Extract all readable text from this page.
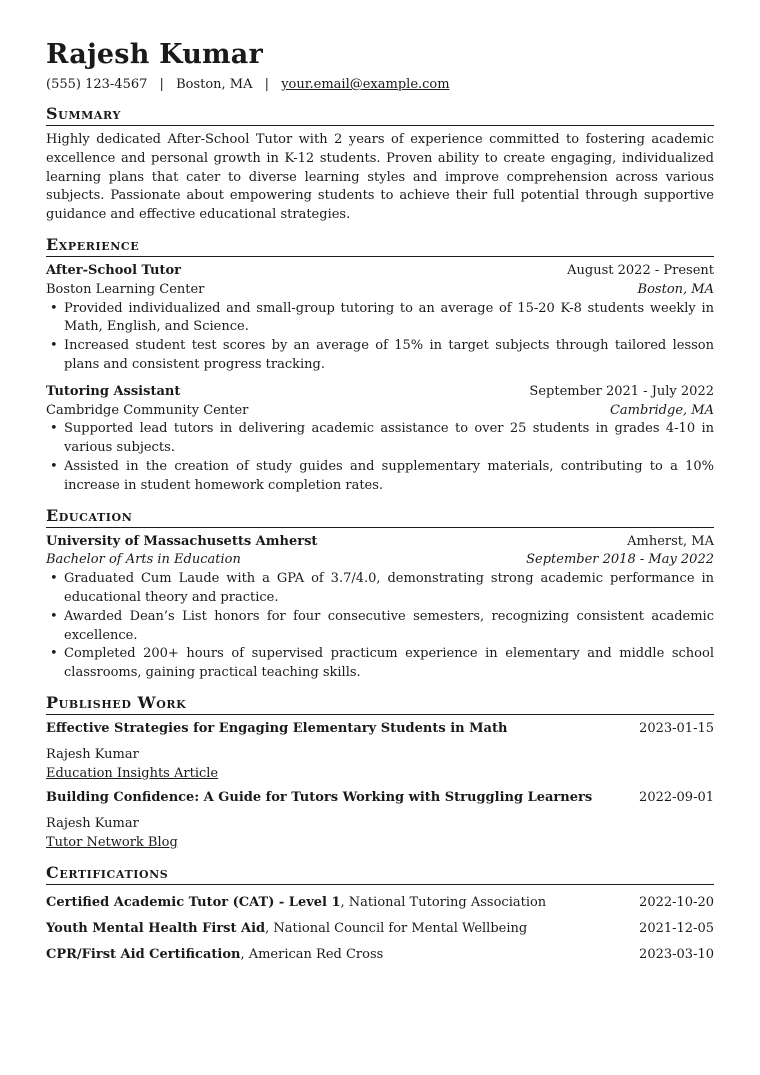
Rajesh Kumar
(555) 123-4567 | Boston, MA | your.email@example.com
Summary
Highly dedicated After-School Tutor with 2 years of experience committed to fostering academic excellence and personal growth in K-12 students. Proven ability to create engaging, individualized learning plans that cater to diverse learning styles and improve comprehension across various subjects. Passionate about empowering students to achieve their full potential through supportive guidance and effective educational strategies.
Experience
After-School Tutor	August 2022 - Present
Boston Learning Center	Boston, MA
• Provided individualized and small-group tutoring to an average of 15-20 K-8 students weekly in Math, English, and Science.
• Increased student test scores by an average of 15% in target subjects through tailored lesson plans and consistent progress tracking.
Tutoring Assistant	September 2021 - July 2022
Cambridge Community Center	Cambridge, MA
• Supported lead tutors in delivering academic assistance to over 25 students in grades 4-10 in various subjects.
• Assisted in the creation of study guides and supplementary materials, contributing to a 10% increase in student homework completion rates.
Education
University of Massachusetts Amherst	Amherst, MA
Bachelor of Arts in Education	September 2018 - May 2022
• Graduated Cum Laude with a GPA of 3.7/4.0, demonstrating strong academic performance in educational theory and practice.
• Awarded Dean’s List honors for four consecutive semesters, recognizing consistent academic excellence.
• Completed 200+ hours of supervised practicum experience in elementary and middle school classrooms, gaining practical teaching skills.
Published Work
Effective Strategies for Engaging Elementary Students in Math	2023-01-15
Rajesh Kumar
Education Insights Article
Building Confidence: A Guide for Tutors Working with Struggling Learners	2022-09-01
Rajesh Kumar
Tutor Network Blog
Certifications
Certified Academic Tutor (CAT) - Level 1, National Tutoring Association	2022-10-20
Youth Mental Health First Aid, National Council for Mental Wellbeing	2021-12-05
CPR/First Aid Certification, American Red Cross	2023-03-10
